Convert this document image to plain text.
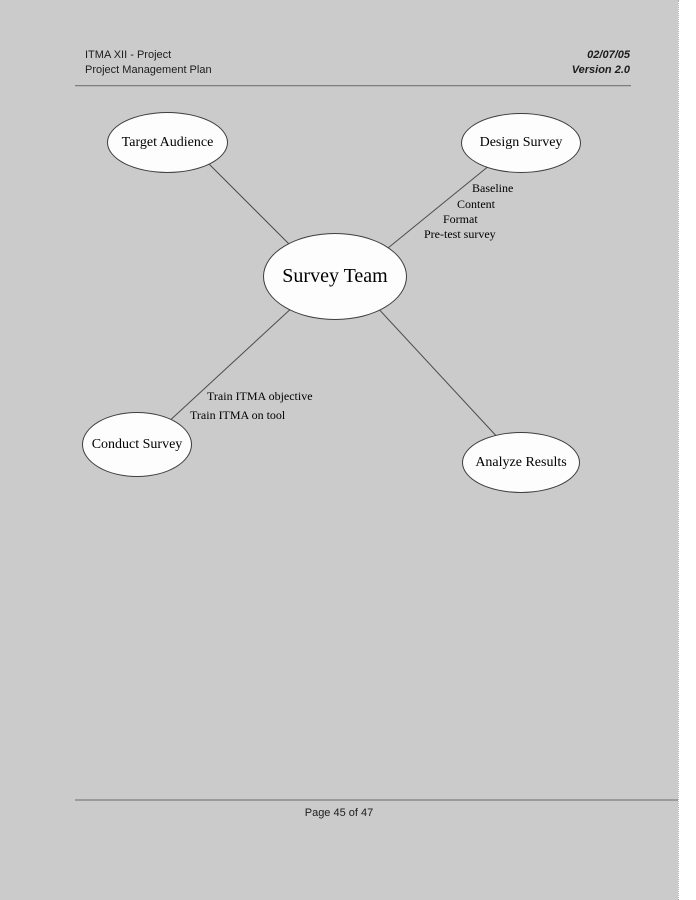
ITMA XII - Project
Project Management Plan
02/07/05
Version 2.0
Target Audience	Design Survey
Survey Team
Conduct Survey
Analyze Results
Baseline
Content
Format
Pre-test survey
Train ITMA objective
Train ITMA on tool
Page 45 of 47
